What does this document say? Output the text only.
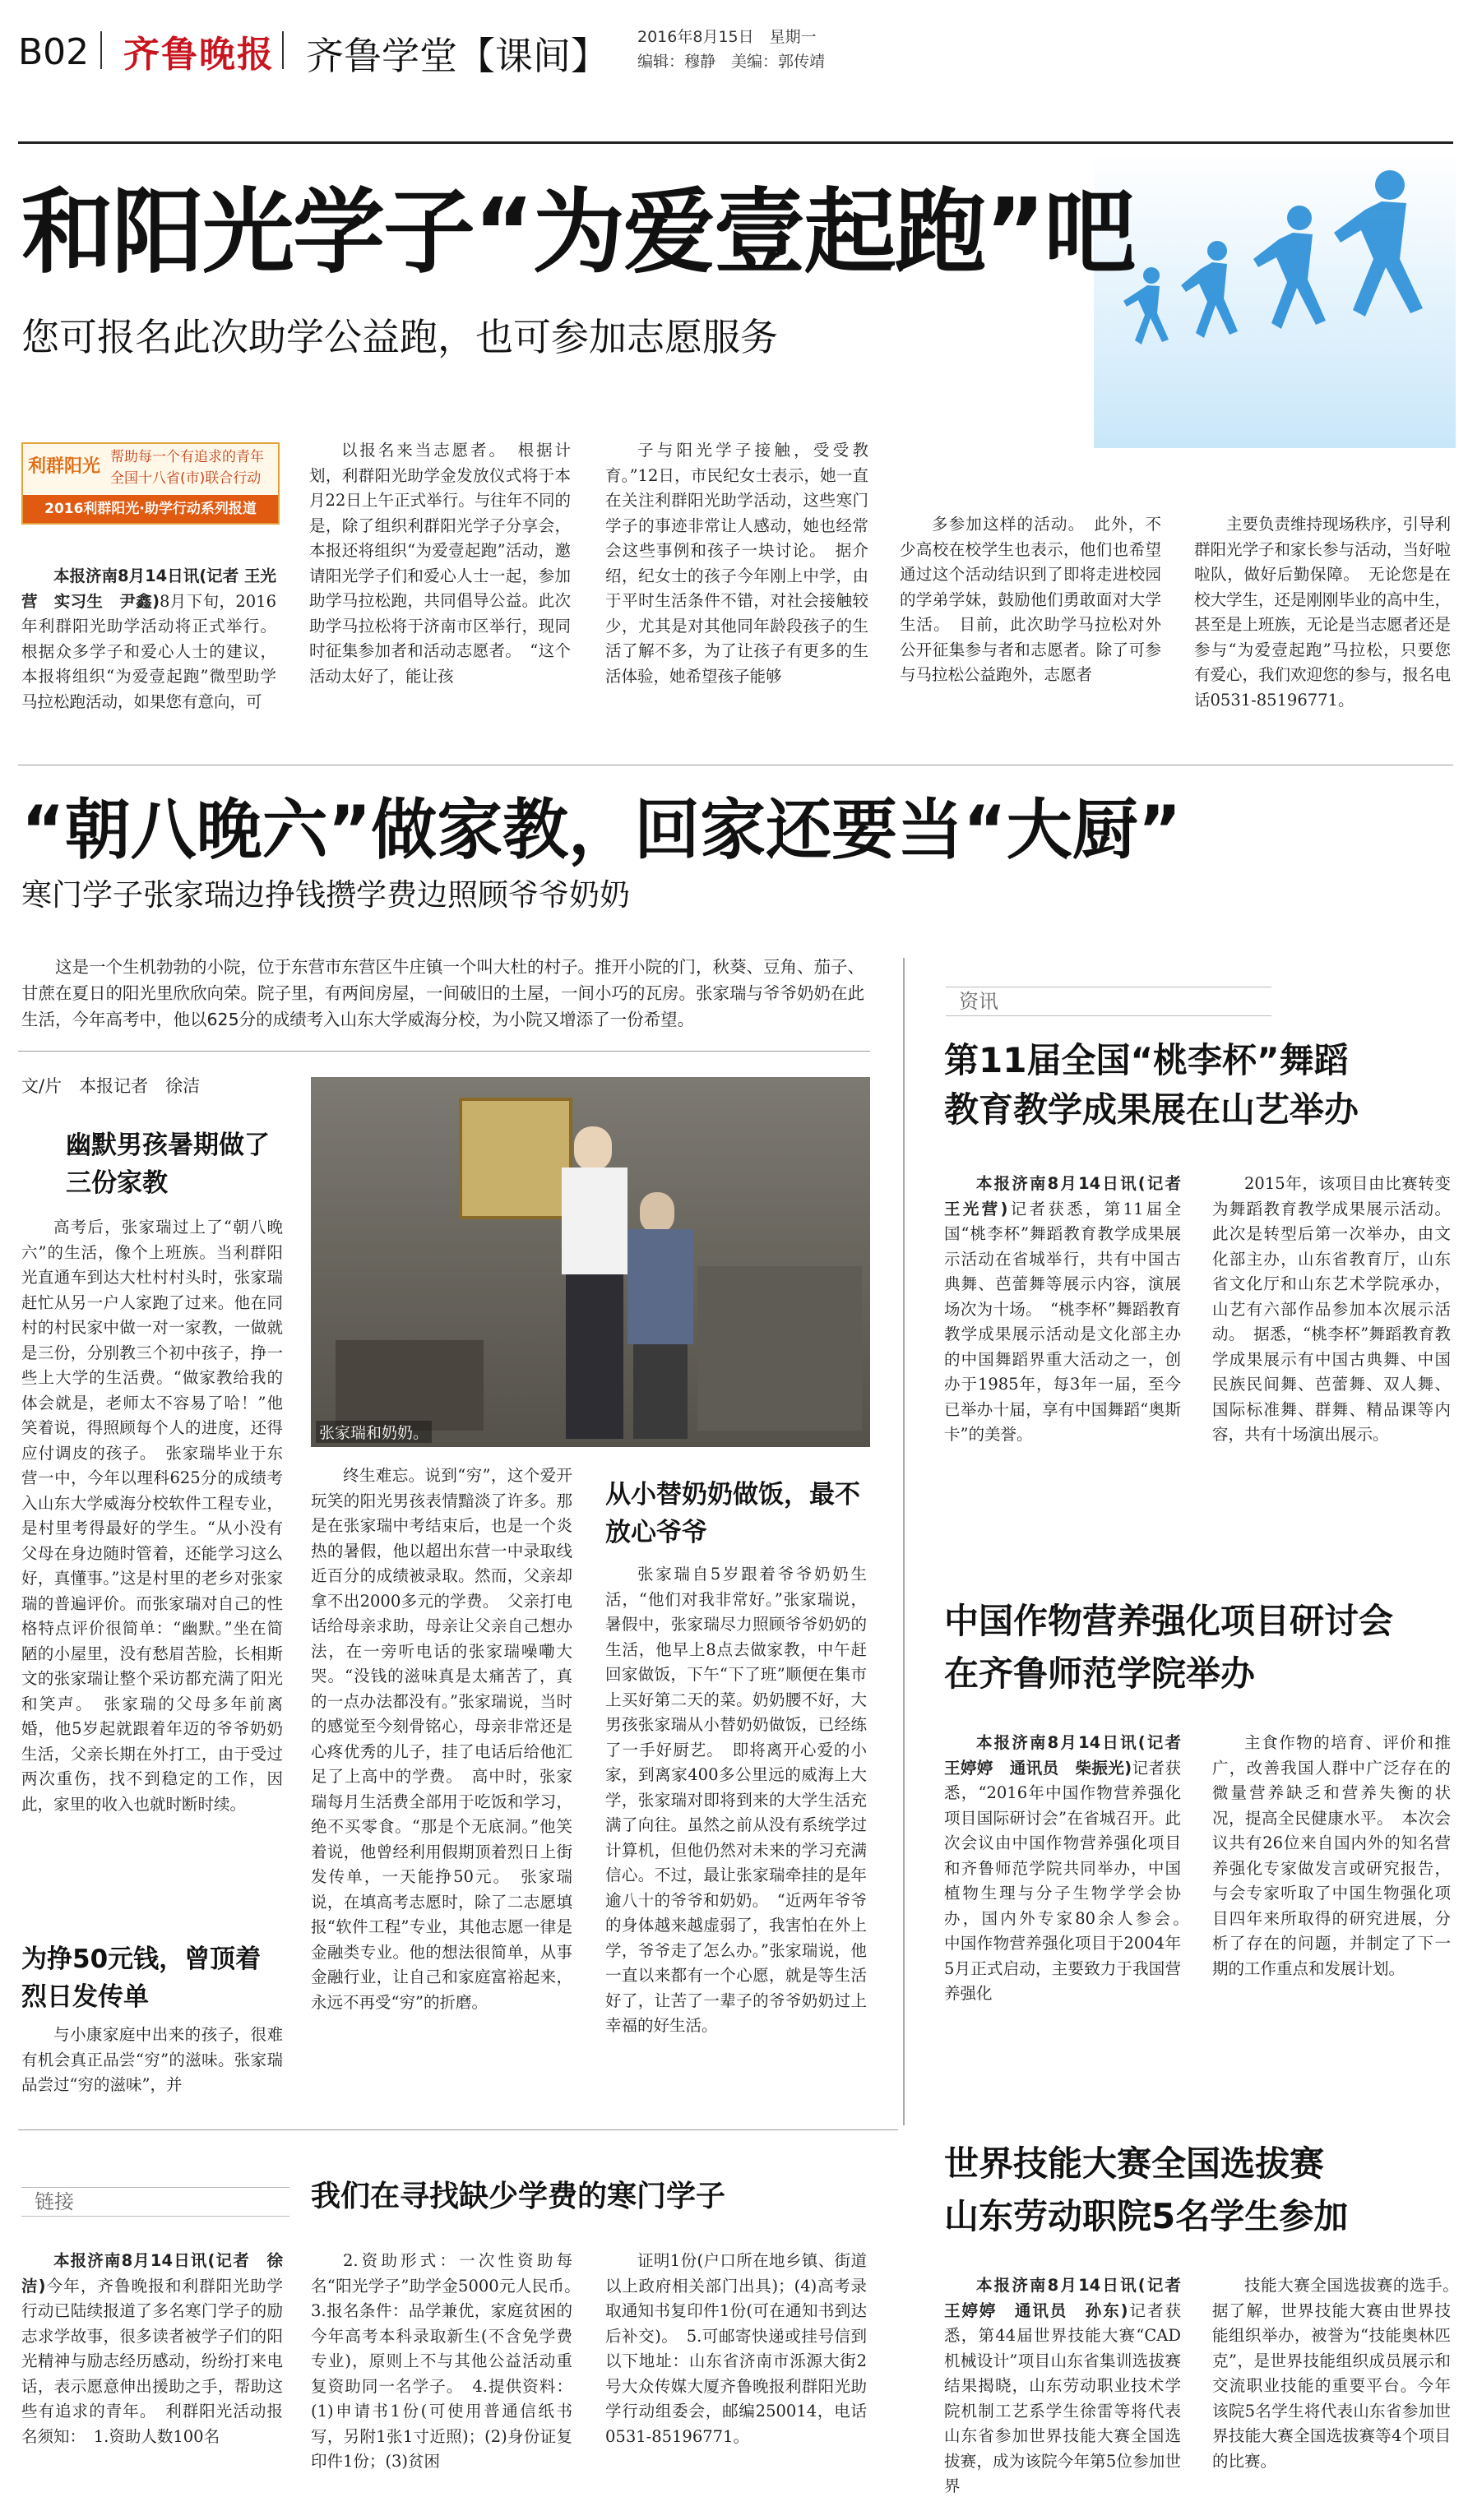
B02 齐鲁晚报 齐鲁学堂【课间】 2016年8月15日　星期一
编辑：穆静　美编：郭传靖
和阳光学子“为爱壹起跑”吧
您可报名此次助学公益跑，也可参加志愿服务
利群阳光 帮助每一个有追求的青年
全国十八省(市)联合行动
2016利群阳光·助学行动系列报道

本报济南8月14日讯(记者 王光营　实习生　尹鑫)8月下旬，2016年利群阳光助学活动将正式举行。根据众多学子和爱心人士的建议，本报将组织“为爱壹起跑”微型助学马拉松跑活动，如果您有意向，可

以报名来当志愿者。　根据计划，利群阳光助学金发放仪式将于本月22日上午正式举行。与往年不同的是，除了组织利群阳光学子分享会，本报还将组织“为爱壹起跑”活动，邀请阳光学子们和爱心人士一起，参加助学马拉松跑，共同倡导公益。此次助学马拉松将于济南市区举行，现同时征集参加者和活动志愿者。　“这个活动太好了，能让孩

子与阳光学子接触，受受教育。”12日，市民纪女士表示，她一直在关注利群阳光助学活动，这些寒门学子的事迹非常让人感动，她也经常会这些事例和孩子一块讨论。　据介绍，纪女士的孩子今年刚上中学，由于平时生活条件不错，对社会接触较少，尤其是对其他同年龄段孩子的生活了解不多，为了让孩子有更多的生活体验，她希望孩子能够

多参加这样的活动。　此外，不少高校在校学生也表示，他们也希望通过这个活动结识到了即将走进校园的学弟学妹，鼓励他们勇敢面对大学生活。　目前，此次助学马拉松对外公开征集参与者和志愿者。除了可参与马拉松公益跑外，志愿者

主要负责维持现场秩序，引导利群阳光学子和家长参与活动，当好啦啦队，做好后勤保障。　无论您是在校大学生，还是刚刚毕业的高中生，甚至是上班族，无论是当志愿者还是参与“为爱壹起跑”马拉松，只要您有爱心，我们欢迎您的参与，报名电话0531-85196771。

“朝八晚六”做家教，回家还要当“大厨”
寒门学子张家瑞边挣钱攒学费边照顾爷爷奶奶
这是一个生机勃勃的小院，位于东营市东营区牛庄镇一个叫大杜的村子。推开小院的门，秋葵、豆角、茄子、甘蔗在夏日的阳光里欣欣向荣。院子里，有两间房屋，一间破旧的土屋，一间小巧的瓦房。张家瑞与爷爷奶奶在此生活，今年高考中，他以625分的成绩考入山东大学威海分校，为小院又增添了一份希望。
文/片　本报记者　徐洁
幽默男孩暑期做了三份家教

高考后，张家瑞过上了“朝八晚六”的生活，像个上班族。当利群阳光直通车到达大杜村村头时，张家瑞赶忙从另一户人家跑了过来。他在同村的村民家中做一对一家教，一做就是三份，分别教三个初中孩子，挣一些上大学的生活费。“做家教给我的体会就是，老师太不容易了哈！”他笑着说，得照顾每个人的进度，还得应付调皮的孩子。　张家瑞毕业于东营一中，今年以理科625分的成绩考入山东大学威海分校软件工程专业，是村里考得最好的学生。“从小没有父母在身边随时管着，还能学习这么好，真懂事。”这是村里的老乡对张家瑞的普遍评价。而张家瑞对自己的性格特点评价很简单：“幽默。”坐在简陋的小屋里，没有愁眉苦脸，长相斯文的张家瑞让整个采访都充满了阳光和笑声。　张家瑞的父母多年前离婚，他5岁起就跟着年迈的爷爷奶奶生活，父亲长期在外打工，由于受过两次重伤，找不到稳定的工作，因此，家里的收入也就时断时续。

为挣50元钱，曾顶着烈日发传单

与小康家庭中出来的孩子，很难有机会真正品尝“穷”的滋味。张家瑞品尝过“穷的滋味”，并

张家瑞和奶奶。

终生难忘。说到“穷”，这个爱开玩笑的阳光男孩表情黯淡了许多。那是在张家瑞中考结束后，也是一个炎热的暑假，他以超出东营一中录取线近百分的成绩被录取。然而，父亲却拿不出2000多元的学费。　父亲打电话给母亲求助，母亲让父亲自己想办法，在一旁听电话的张家瑞噪嘞大哭。“没钱的滋味真是太痛苦了，真的一点办法都没有。”张家瑞说，当时的感觉至今刻骨铭心，母亲非常还是心疼优秀的儿子，挂了电话后给他汇足了上高中的学费。　高中时，张家瑞每月生活费全部用于吃饭和学习，绝不买零食。“那是个无底洞。”他笑着说，他曾经利用假期顶着烈日上街发传单，一天能挣50元。　张家瑞说，在填高考志愿时，除了二志愿填报“软件工程”专业，其他志愿一律是金融类专业。他的想法很简单，从事金融行业，让自己和家庭富裕起来，永远不再受“穷”的折磨。

从小替奶奶做饭，最不放心爷爷

张家瑞自5岁跟着爷爷奶奶生活，“他们对我非常好。”张家瑞说，暑假中，张家瑞尽力照顾爷爷奶奶的生活，他早上8点去做家教，中午赶回家做饭，下午“下了班”顺便在集市上买好第二天的菜。奶奶腰不好，大男孩张家瑞从小替奶奶做饭，已经练了一手好厨艺。　即将离开心爱的小家，到离家400多公里远的威海上大学，张家瑞对即将到来的大学生活充满了向往。虽然之前从没有系统学过计算机，但他仍然对未来的学习充满信心。不过，最让张家瑞牵挂的是年逾八十的爷爷和奶奶。　“近两年爷爷的身体越来越虚弱了，我害怕在外上学，爷爷走了怎么办。”张家瑞说，他一直以来都有一个心愿，就是等生活好了，让苦了一辈子的爷爷奶奶过上幸福的好生活。

资讯
第11届全国“桃李杯”舞蹈
教育教学成果展在山艺举办

本报济南8月14日讯(记者　王光营)记者获悉，第11届全国“桃李杯”舞蹈教育教学成果展示活动在省城举行，共有中国古典舞、芭蕾舞等展示内容，演展场次为十场。　“桃李杯”舞蹈教育教学成果展示活动是文化部主办的中国舞蹈界重大活动之一，创办于1985年，每3年一届，至今已举办十届，享有中国舞蹈“奥斯卡”的美誉。

2015年，该项目由比赛转变为舞蹈教育教学成果展示活动。此次是转型后第一次举办，由文化部主办，山东省教育厅，山东省文化厅和山东艺术学院承办，山艺有六部作品参加本次展示活动。　据悉，“桃李杯”舞蹈教育教学成果展示有中国古典舞、中国民族民间舞、芭蕾舞、双人舞、国际标准舞、群舞、精品课等内容，共有十场演出展示。

中国作物营养强化项目研讨会
在齐鲁师范学院举办

本报济南8月14日讯(记者　王婷婷　通讯员　柴振光)记者获悉，“2016年中国作物营养强化项目国际研讨会”在省城召开。此次会议由中国作物营养强化项目和齐鲁师范学院共同举办，中国植物生理与分子生物学学会协办，国内外专家80余人参会。　中国作物营养强化项目于2004年5月正式启动，主要致力于我国营养强化

主食作物的培育、评价和推广，改善我国人群中广泛存在的微量营养缺乏和营养失衡的状况，提高全民健康水平。　本次会议共有26位来自国内外的知名营养强化专家做发言或研究报告，与会专家听取了中国生物强化项目四年来所取得的研究进展，分析了存在的问题，并制定了下一期的工作重点和发展计划。

世界技能大赛全国选拔赛
山东劳动职院5名学生参加

本报济南8月14日讯(记者　王婷婷　通讯员　孙东)记者获悉，第44届世界技能大赛“CAD机械设计”项目山东省集训选拔赛结果揭晓，山东劳动职业技术学院机制工艺系学生徐雷等将代表山东省参加世界技能大赛全国选拔赛，成为该院今年第5位参加世界

技能大赛全国选拔赛的选手。　据了解，世界技能大赛由世界技能组织举办，被誉为“技能奥林匹克”，是世界技能组织成员展示和交流职业技能的重要平台。今年该院5名学生将代表山东省参加世界技能大赛全国选拔赛等4个项目的比赛。

链接	我们在寻找缺少学费的寒门学子

本报济南8月14日讯(记者　徐洁)今年，齐鲁晚报和利群阳光助学行动已陆续报道了多名寒门学子的励志求学故事，很多读者被学子们的阳光精神与励志经历感动，纷纷打来电话，表示愿意伸出援助之手，帮助这些有追求的青年。　利群阳光活动报名须知：　1.资助人数100名

2.资助形式：一次性资助每名“阳光学子”助学金5000元人民币。　3.报名条件：品学兼优，家庭贫困的今年高考本科录取新生(不含免学费专业)，原则上不与其他公益活动重复资助同一名学子。　4.提供资料：(1)申请书1份(可使用普通信纸书写，另附1张1寸近照)；(2)身份证复印件1份；(3)贫困

证明1份(户口所在地乡镇、街道以上政府相关部门出具)；(4)高考录取通知书复印件1份(可在通知书到达后补交)。　5.可邮寄快递或挂号信到以下地址：山东省济南市泺源大街2号大众传媒大厦齐鲁晚报利群阳光助学行动组委会，邮编250014，电话0531-85196771。
